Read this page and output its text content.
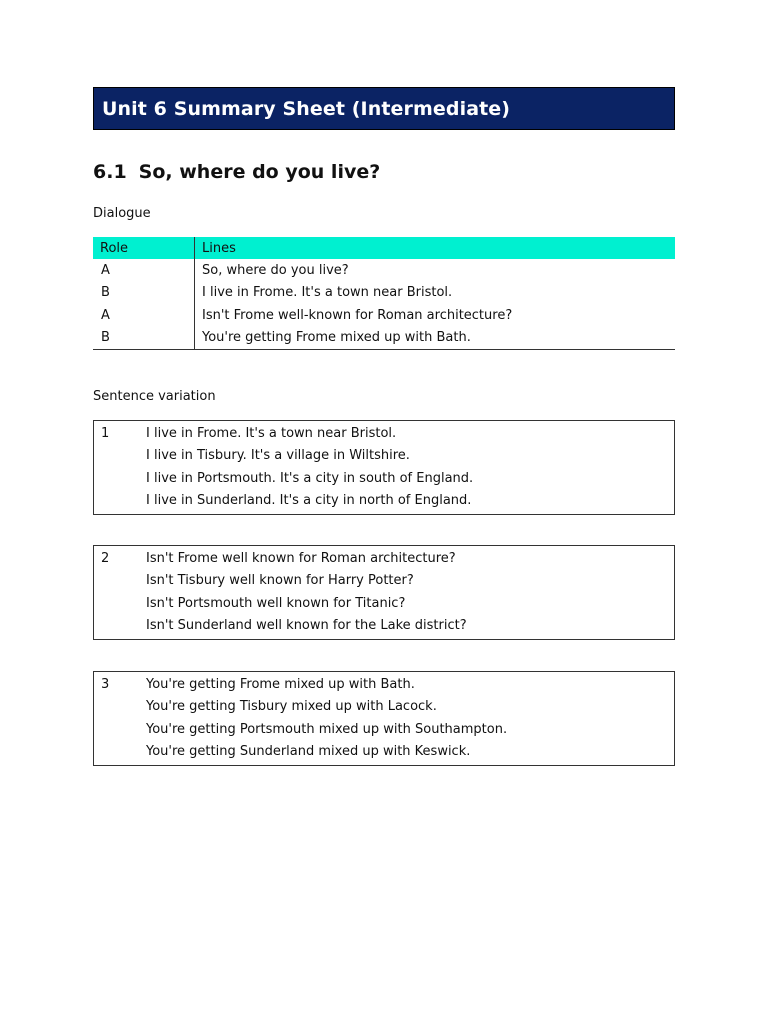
Unit 6 Summary Sheet (Intermediate)
6.1 So, where do you live?
Dialogue
Role	Lines
A	So, where do you live?
B	I live in Frome. It's a town near Bristol.
A	Isn't Frome well-known for Roman architecture?
B	You're getting Frome mixed up with Bath.
Sentence variation
1	I live in Frome. It's a town near Bristol.
I live in Tisbury. It's a village in Wiltshire.
I live in Portsmouth. It's a city in south of England.
I live in Sunderland. It's a city in north of England.
2	Isn't Frome well known for Roman architecture?
Isn't Tisbury well known for Harry Potter?
Isn't Portsmouth well known for Titanic?
Isn't Sunderland well known for the Lake district?
3	You're getting Frome mixed up with Bath.
You're getting Tisbury mixed up with Lacock.
You're getting Portsmouth mixed up with Southampton.
You're getting Sunderland mixed up with Keswick.
